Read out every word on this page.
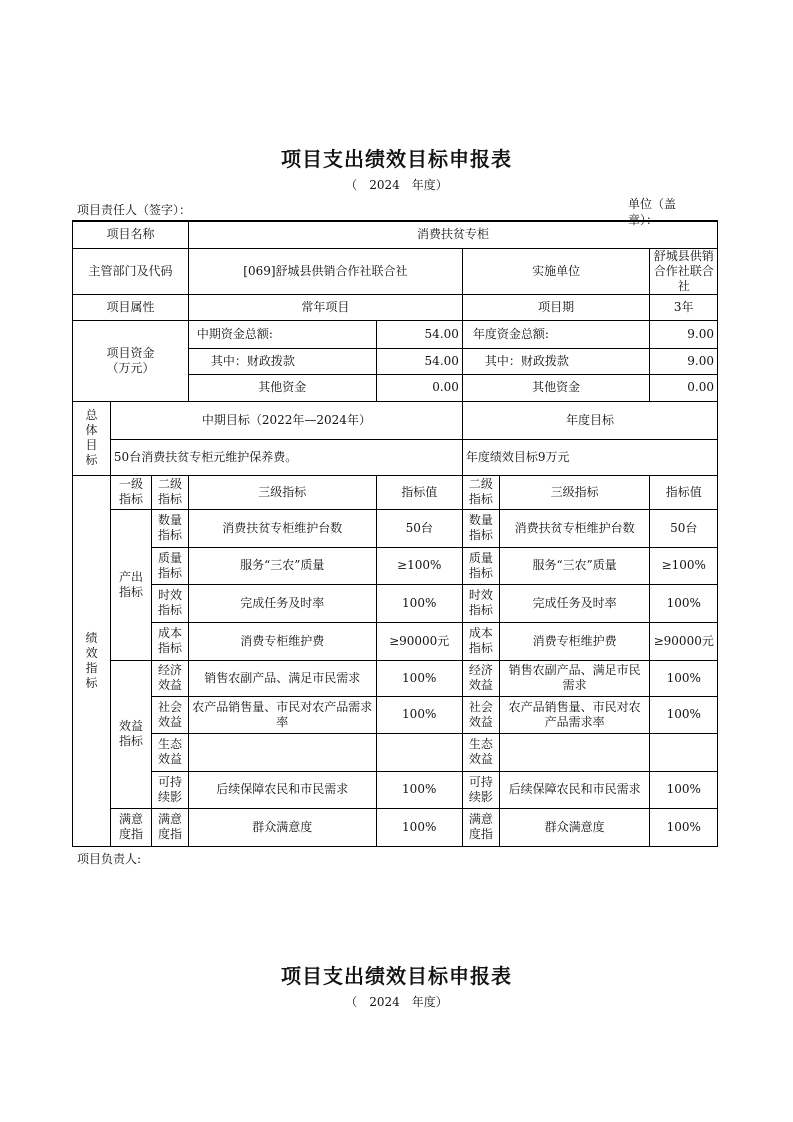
项目支出绩效目标申报表
（　2024　年度）
项目责任人（签字）：	单位（盖章）：
项目名称			消费扶贫专柜				
主管部门及代码			[069]舒城县供销合作社联合社		实施单位		舒城县供销合作社联合社
项目属性			常年项目		项目期		3年
项目资金（万元）			中期资金总额:	54.00	年度资金总额:		9.00
			其中：财政拨款	54.00	其中：财政拨款		9.00
			其他资金	0.00	其他资金		0.00
总体目标	中期目标（2022年—2024年）				年度目标		
	50台消费扶贫专柜元维护保养费。				年度绩效目标9万元		
绩效指标	一级指标	二级指标	三级指标	指标值	二级指标	三级指标	指标值
	产出指标	数量指标	消费扶贫专柜维护台数	50台	数量指标	消费扶贫专柜维护台数	50台
		质量指标	服务“三农”质量	≥100%	质量指标	服务“三农”质量	≥100%
		时效指标	完成任务及时率	100%	时效指标	完成任务及时率	100%
		成本指标	消费专柜维护费	≥90000元	成本指标	消费专柜维护费	≥90000元
	效益指标	经济效益	销售农副产品、满足市民需求	100%	经济效益	销售农副产品、满足市民需求	100%
		社会效益	农产品销售量、市民对农产品需求率	100%	社会效益	农产品销售量、市民对农产品需求率	100%
		生态效益			生态效益		
		可持续影	后续保障农民和市民需求	100%	可持续影	后续保障农民和市民需求	100%
	满意度指	满意度指	群众满意度	100%	满意度指	群众满意度	100%
项目负责人:
项目支出绩效目标申报表
（　2024　年度）
